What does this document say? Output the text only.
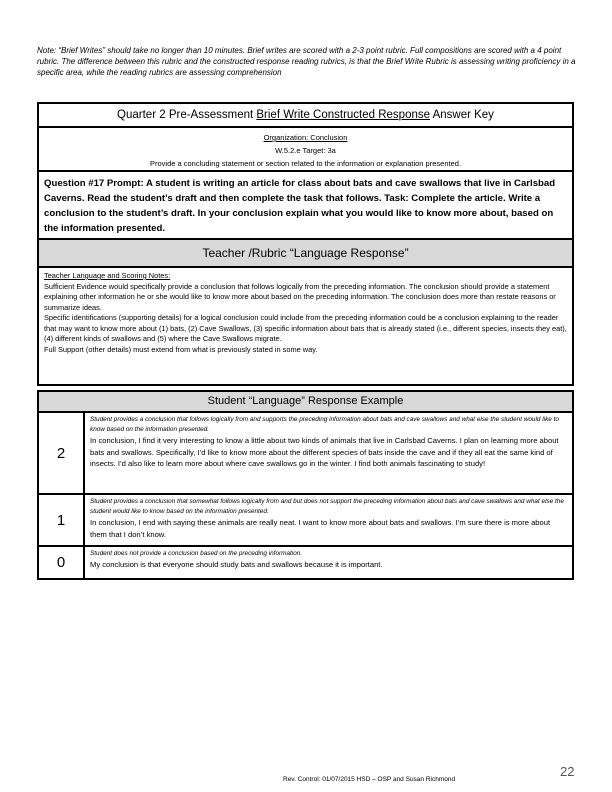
Note: “Brief Writes” should take no longer than 10 minutes. Brief writes are scored with a 2-3 point rubric. Full compositions are scored with a 4 point rubric. The difference between this rubric and the constructed response reading rubrics, is that the Brief Write Rubric is assessing writing proficiency in a specific area, while the reading rubrics are assessing comprehension
Quarter 2 Pre-Assessment Brief Write Constructed Response Answer Key
Organization: Conclusion
W.5.2.e Target: 3a
Provide a concluding statement or section related to the information or explanation presented.
Question #17 Prompt: A student is writing an article for class about bats and cave swallows that live in Carlsbad Caverns. Read the student’s draft and then complete the task that follows. Task: Complete the article. Write a conclusion to the student’s draft. In your conclusion explain what you would like to know more about, based on the information presented.
Teacher /Rubric “Language Response”
Teacher Language and Scoring Notes:
Sufficient Evidence would specifically provide a conclusion that follows logically from the preceding information. The conclusion should provide a statement explaining other information he or she would like to know more about based on the preceding information. The conclusion does more than restate reasons or summarize ideas.
Specific identifications (supporting details) for a logical conclusion could include from the preceding information could be a conclusion explaining to the reader that may want to know more about (1) bats, (2) Cave Swallows, (3) specific information about bats that is already stated (i.e., different species, insects they eat), (4) different kinds of swallows and (5) where the Cave Swallows migrate.
Full Support (other details) must extend from what is previously stated in some way.
Student “Language” Response Example
2
Student provides a conclusion that follows logically from and supports the preceding information about bats and cave swallows and what else the student would like to know based on the information presented.
In conclusion, I find it very interesting to know a little about two kinds of animals that live in Carlsbad Caverns. I plan on learning more about bats and swallows. Specifically, I’d like to know more about the different species of bats inside the cave and if they all eat the same kind of insects. I’d also like to learn more about where cave swallows go in the winter. I find both animals fascinating to study!
1
Student provides a conclusion that somewhat follows logically from and but does not support the preceding information about bats and cave swallows and what else the student would like to know based on the information presented.
In conclusion, I end with saying these animals are really neat. I want to know more about bats and swallows. I’m sure there is more about them that I don’t know.
0
Student does not provide a conclusion based on the preceding information.
My conclusion is that everyone should study bats and swallows because it is important.
Rev. Control: 01/07/2015 HSD – OSP and Susan Richmond
22
